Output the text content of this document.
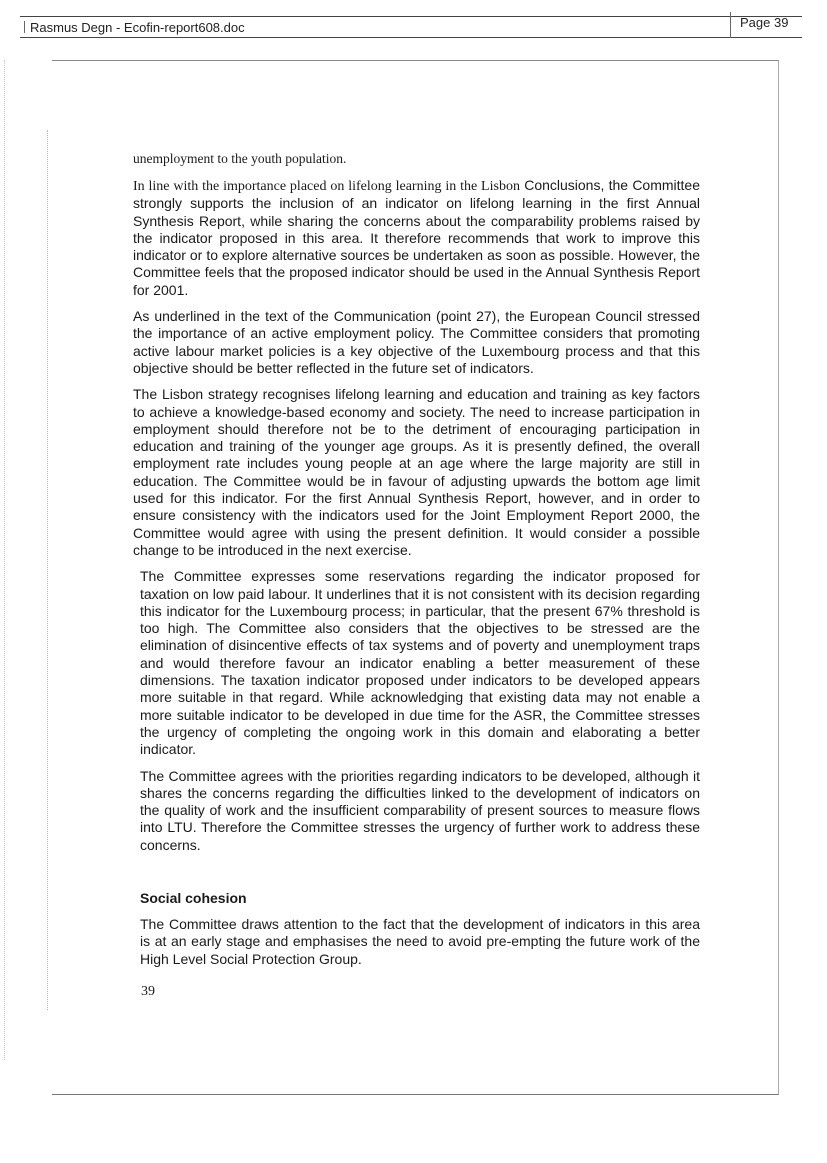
Rasmus Degn - Ecofin-report608.doc	Page 39

unemployment to the youth population.

In line with the importance placed on lifelong learning in the Lisbon Conclusions, the Committee strongly supports the inclusion of an indicator on lifelong learning in the first Annual Synthesis Report, while sharing the concerns about the comparability problems raised by the indicator proposed in this area. It therefore recommends that work to improve this indicator or to explore alternative sources be undertaken as soon as possible. However, the Committee feels that the proposed indicator should be used in the Annual Synthesis Report for 2001.

As underlined in the text of the Communication (point 27), the European Council stressed the importance of an active employment policy. The Committee considers that promoting active labour market policies is a key objective of the Luxembourg process and that this objective should be better reflected in the future set of indicators.

The Lisbon strategy recognises lifelong learning and education and training as key factors to achieve a knowledge-based economy and society. The need to increase participation in employment should therefore not be to the detriment of encouraging participation in education and training of the younger age groups. As it is presently defined, the overall employment rate includes young people at an age where the large majority are still in education. The Committee would be in favour of adjusting upwards the bottom age limit used for this indicator. For the first Annual Synthesis Report, however, and in order to ensure consistency with the indicators used for the Joint Employment Report 2000, the Committee would agree with using the present definition. It would consider a possible change to be introduced in the next exercise.

The Committee expresses some reservations regarding the indicator proposed for taxation on low paid labour. It underlines that it is not consistent with its decision regarding this indicator for the Luxembourg process; in particular, that the present 67% threshold is too high. The Committee also considers that the objectives to be stressed are the elimination of disincentive effects of tax systems and of poverty and unemployment traps and would therefore favour an indicator enabling a better measurement of these dimensions. The taxation indicator proposed under indicators to be developed appears more suitable in that regard. While acknowledging that existing data may not enable a more suitable indicator to be developed in due time for the ASR, the Committee stresses the urgency of completing the ongoing work in this domain and elaborating a better indicator.

The Committee agrees with the priorities regarding indicators to be developed, although it shares the concerns regarding the difficulties linked to the development of indicators on the quality of work and the insufficient comparability of present sources to measure flows into LTU. Therefore the Committee stresses the urgency of further work to address these concerns.

Social cohesion

The Committee draws attention to the fact that the development of indicators in this area is at an early stage and emphasises the need to avoid pre-empting the future work of the High Level Social Protection Group.

39
